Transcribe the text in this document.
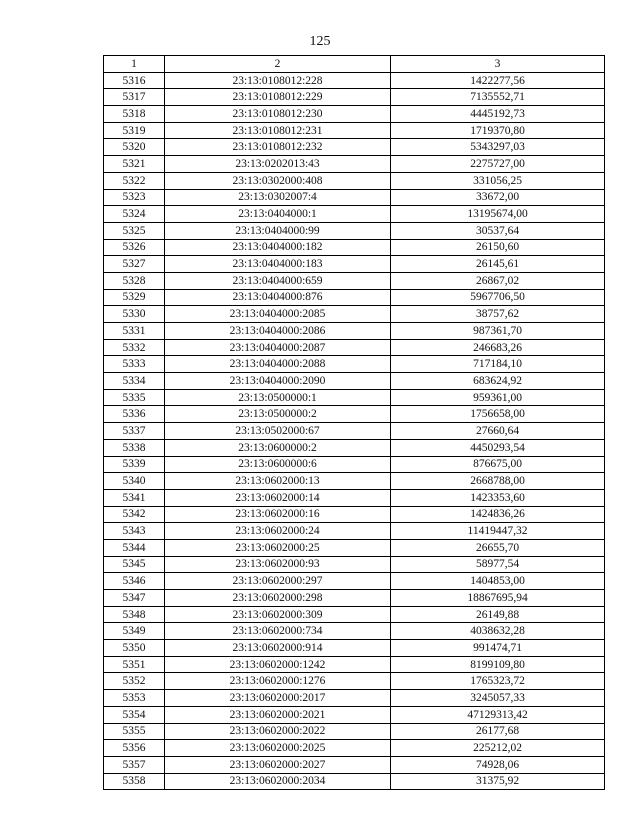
125
1	2	3
5316	23:13:0108012:228	1422277,56
5317	23:13:0108012:229	7135552,71
5318	23:13:0108012:230	4445192,73
5319	23:13:0108012:231	1719370,80
5320	23:13:0108012:232	5343297,03
5321	23:13:0202013:43	2275727,00
5322	23:13:0302000:408	331056,25
5323	23:13:0302007:4	33672,00
5324	23:13:0404000:1	13195674,00
5325	23:13:0404000:99	30537,64
5326	23:13:0404000:182	26150,60
5327	23:13:0404000:183	26145,61
5328	23:13:0404000:659	26867,02
5329	23:13:0404000:876	5967706,50
5330	23:13:0404000:2085	38757,62
5331	23:13:0404000:2086	987361,70
5332	23:13:0404000:2087	246683,26
5333	23:13:0404000:2088	717184,10
5334	23:13:0404000:2090	683624,92
5335	23:13:0500000:1	959361,00
5336	23:13:0500000:2	1756658,00
5337	23:13:0502000:67	27660,64
5338	23:13:0600000:2	4450293,54
5339	23:13:0600000:6	876675,00
5340	23:13:0602000:13	2668788,00
5341	23:13:0602000:14	1423353,60
5342	23:13:0602000:16	1424836,26
5343	23:13:0602000:24	11419447,32
5344	23:13:0602000:25	26655,70
5345	23:13:0602000:93	58977,54
5346	23:13:0602000:297	1404853,00
5347	23:13:0602000:298	18867695,94
5348	23:13:0602000:309	26149,88
5349	23:13:0602000:734	4038632,28
5350	23:13:0602000:914	991474,71
5351	23:13:0602000:1242	8199109,80
5352	23:13:0602000:1276	1765323,72
5353	23:13:0602000:2017	3245057,33
5354	23:13:0602000:2021	47129313,42
5355	23:13:0602000:2022	26177,68
5356	23:13:0602000:2025	225212,02
5357	23:13:0602000:2027	74928,06
5358	23:13:0602000:2034	31375,92
